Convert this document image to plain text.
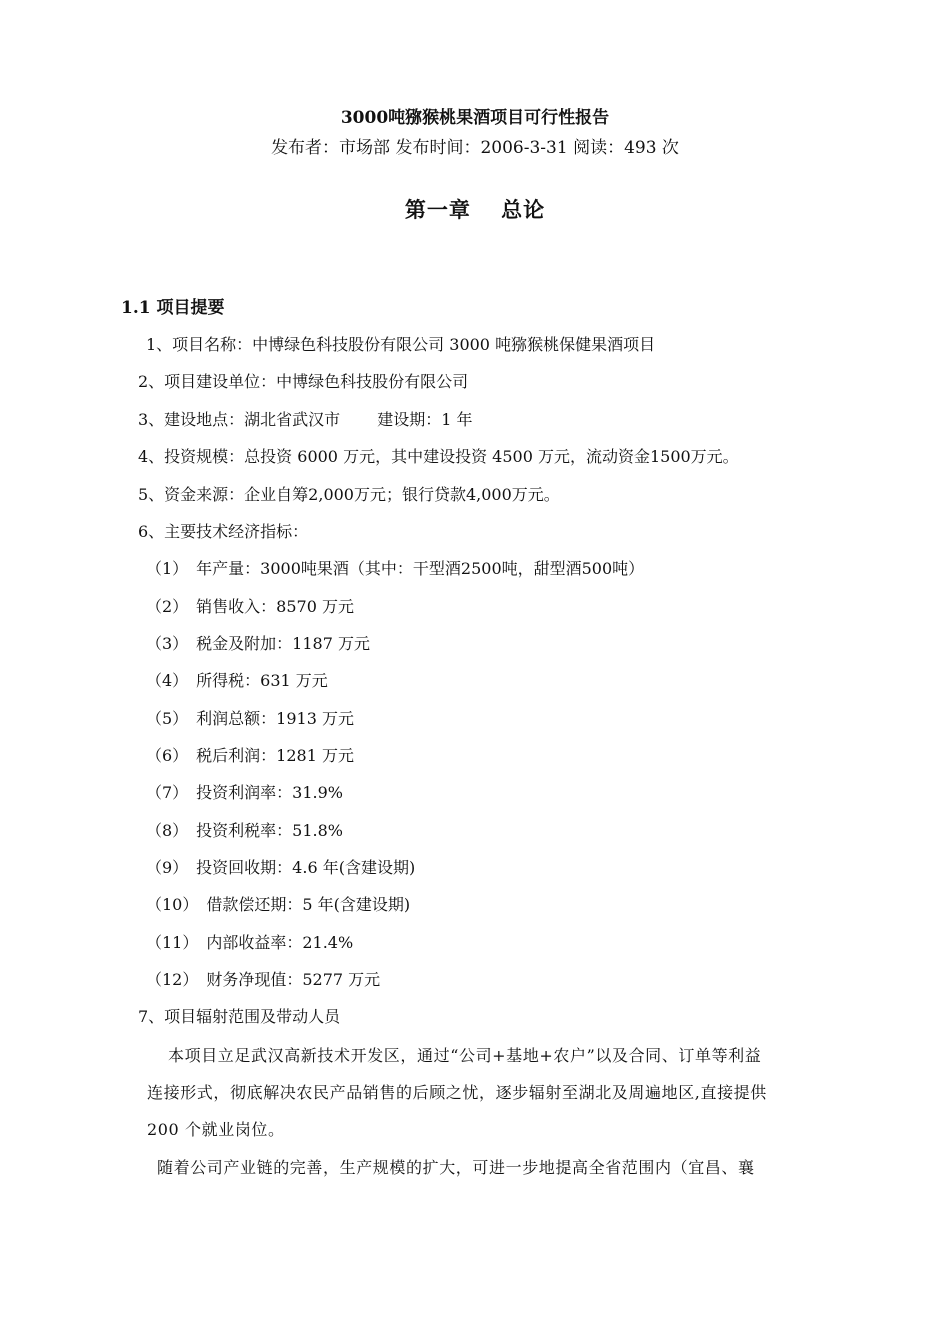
3000吨猕猴桃果酒项目可行性报告
发布者：市场部 发布时间：2006-3-31 阅读：493 次
第一章　 总论
1.1 项目提要
1、项目名称：中博绿色科技股份有限公司 3000 吨猕猴桃保健果酒项目
2、项目建设单位：中博绿色科技股份有限公司
3、建设地点：湖北省武汉市　　 建设期：1 年
4、投资规模：总投资 6000 万元，其中建设投资 4500 万元，流动资金1500万元。
5、资金来源：企业自筹2,000万元；银行贷款4,000万元。
6、主要技术经济指标：
（1）　年产量：3000吨果酒（其中：干型酒2500吨，甜型酒500吨）
（2）　销售收入：8570 万元
（3）　税金及附加：1187 万元
（4）　所得税：631 万元
（5）　利润总额：1913 万元
（6）　税后利润：1281 万元
（7）　投资利润率：31.9%
（8）　投资利税率：51.8%
（9）　投资回收期：4.6 年(含建设期)
（10）　借款偿还期：5 年(含建设期)
（11）　内部收益率：21.4%
（12）　财务净现值：5277 万元
7、项目辐射范围及带动人员
本项目立足武汉高新技术开发区，通过“公司+基地+农户”以及合同、订单等利益
连接形式，彻底解决农民产品销售的后顾之忧，逐步辐射至湖北及周遍地区,直接提供
200 个就业岗位。
随着公司产业链的完善，生产规模的扩大，可进一步地提高全省范围内（宜昌、襄
